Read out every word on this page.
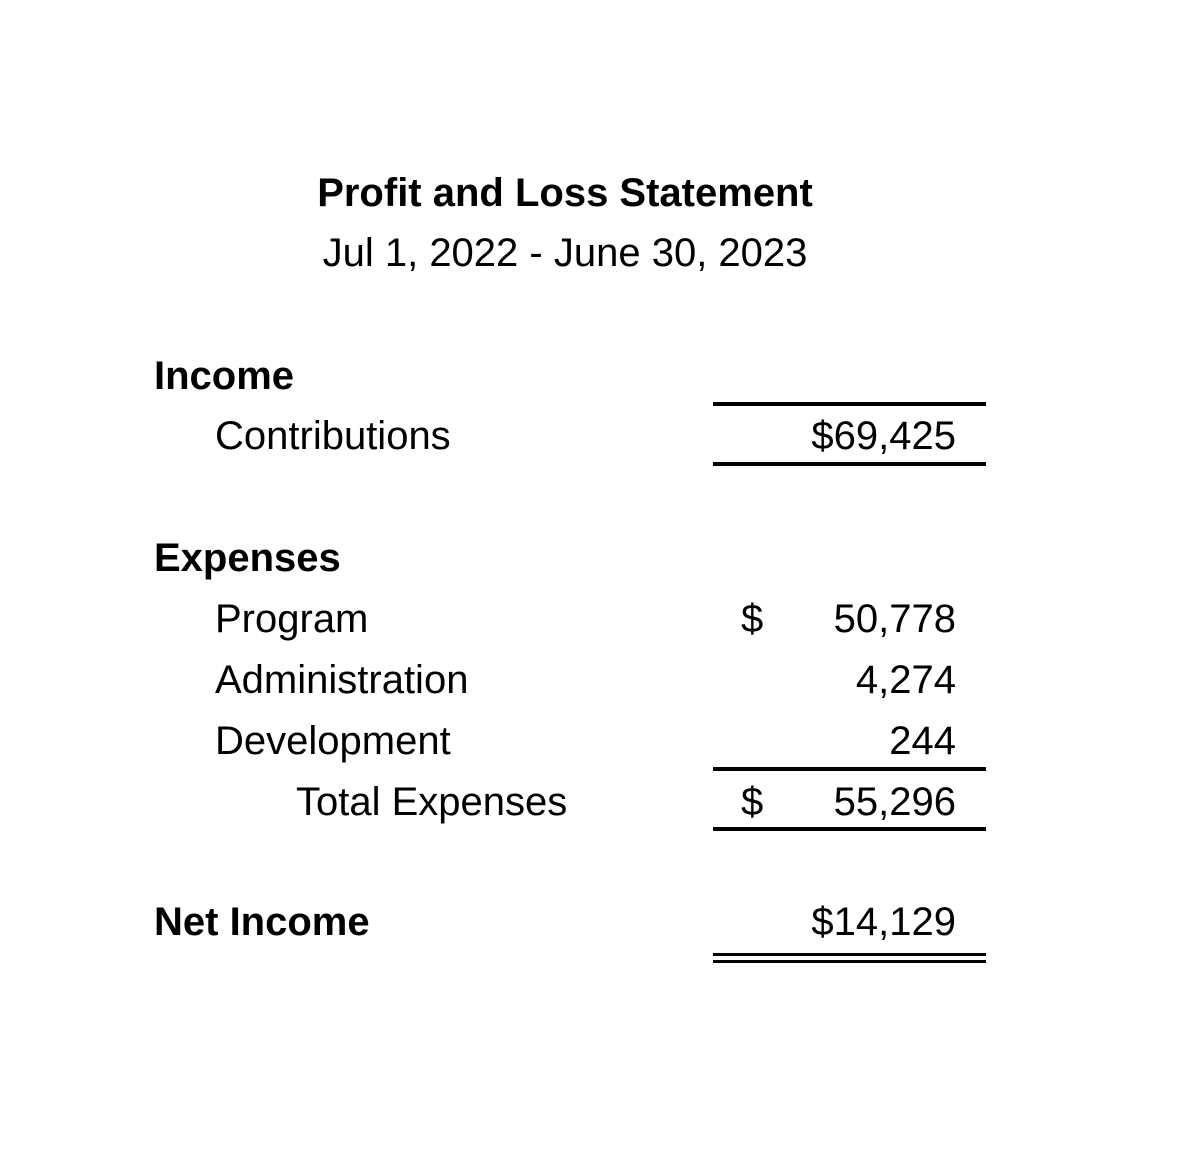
Profit and Loss Statement
Jul 1, 2022 - June 30, 2023
Income
Contributions	$69,425
Expenses
Program	$ 50,778
Administration	4,274
Development	244
Total Expenses	$ 55,296
Net Income	$14,129
